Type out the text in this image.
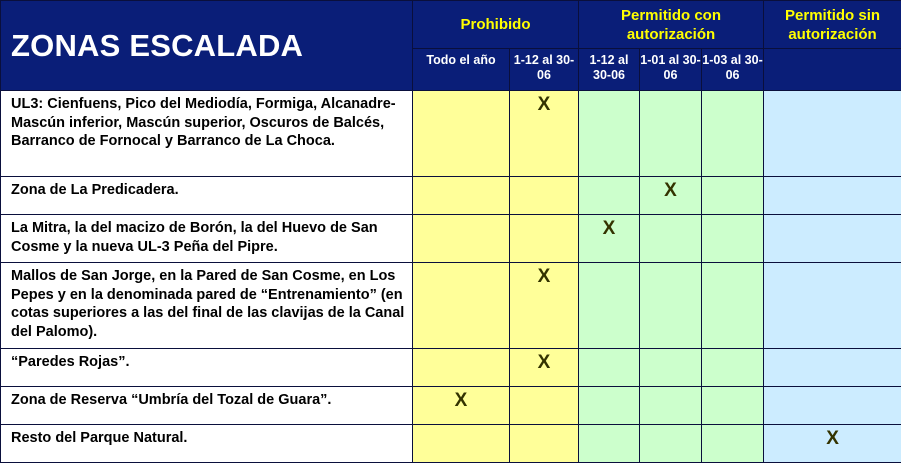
ZONAS ESCALADA	Prohibido		Permitido con autorización			Permitido sin autorización
	Todo el año	1-12 al 30-06	1-12 al 30-06	1-01 al 30-06	1-03 al 30-06	
UL3: Cienfuens, Pico del Mediodía, Formiga, Alcanadre-Mascún inferior, Mascún superior, Oscuros de Balcés, Barranco de Fornocal y Barranco de La Choca.		X				
Zona de La Predicadera.				X		
La Mitra, la del macizo de Borón, la del Huevo de San Cosme y la nueva UL-3 Peña del Pipre.			X			
Mallos de San Jorge, en la Pared de San Cosme, en Los Pepes y en la denominada pared de “Entrenamiento” (en cotas superiores a las del final de las clavijas de la Canal del Palomo).		X				
“Paredes Rojas”.		X				
Zona de Reserva “Umbría del Tozal de Guara”.	X					
Resto del Parque Natural.						X
